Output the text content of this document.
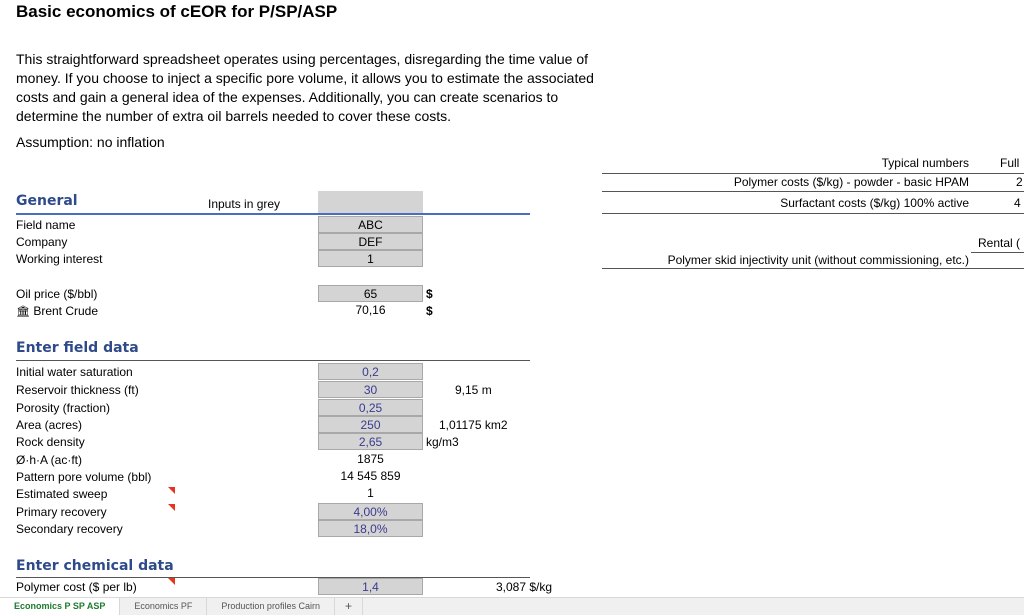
Basic economics of cEOR for P/SP/ASP
This straightforward spreadsheet operates using percentages, disregarding the time value of money. If you choose to inject a specific pore volume, it allows you to estimate the associated costs and gain a general idea of the expenses. Additionally, you can create scenarios to determine the number of extra oil barrels needed to cover these costs.
Assumption: no inflation
General	Inputs in grey
Field name	ABC
Company	DEF
Working interest	1
Oil price ($/bbl)	65	$
🏛 Brent Crude	70,16	$
Enter field data
Initial water saturation	0,2
Reservoir thickness (ft)	30	9,15 m
Porosity (fraction)	0,25
Area (acres)	250	1,01175 km2
Rock density	2,65	kg/m3
Ø·h·A (ac·ft)	1875
Pattern pore volume (bbl)	14 545 859
Estimated sweep	1
Primary recovery	4,00%
Secondary recovery	18,0%
Enter chemical data
Polymer cost ($ per lb)	1,4	3,087 $/kg
Typical numbers	Full
Polymer costs ($/kg) - powder - basic HPAM	2
Surfactant costs ($/kg) 100% active	4
Rental (
Polymer skid injectivity unit (without commissioning, etc.)
Economics P SP ASP	Economics PF	Production profiles Cairn	+
